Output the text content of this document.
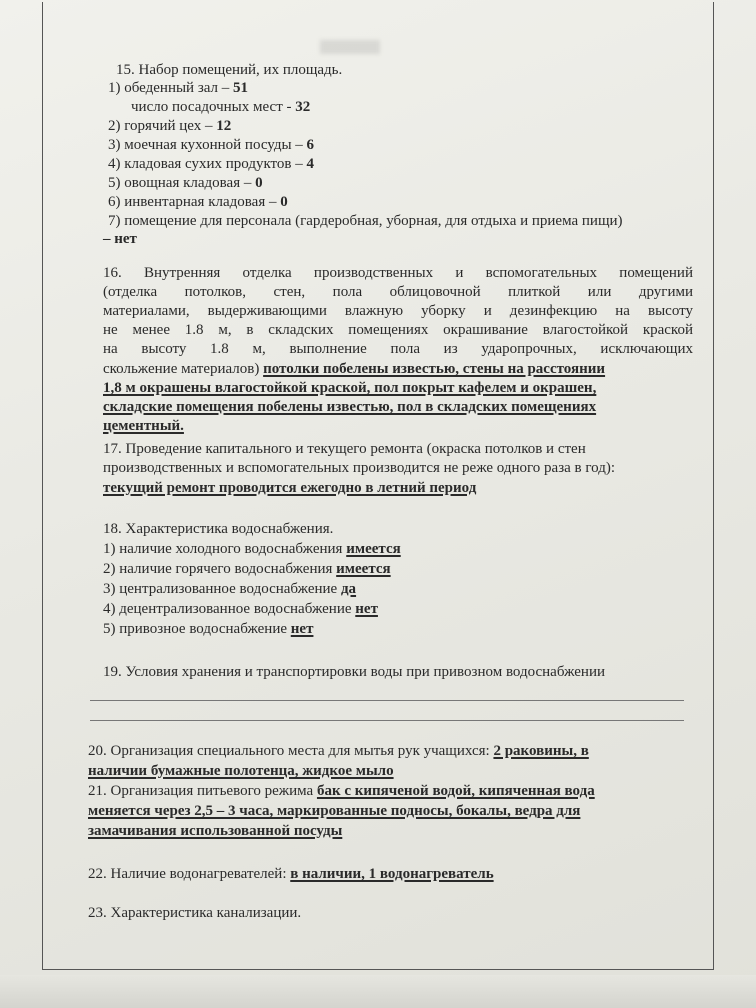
15. Набор помещений, их площадь.
1) обеденный зал – 51
число посадочных мест - 32
2) горячий цех – 12
3) моечная кухонной посуды – 6
4) кладовая сухих продуктов – 4
5) овощная кладовая – 0
6) инвентарная кладовая – 0
7) помещение для персонала (гардеробная, уборная, для отдыха и приема пищи)
– нет
16. Внутренняя отделка производственных и вспомогательных помещений
(отделка потолков, стен, пола облицовочной плиткой или другими
материалами, выдерживающими влажную уборку и дезинфекцию на высоту
не менее 1.8 м, в складских помещениях окрашивание влагостойкой краской
на высоту 1.8 м, выполнение пола из ударопрочных, исключающих
скольжение материалов) потолки побелены известью, стены на расстоянии
1,8 м окрашены влагостойкой краской, пол покрыт кафелем и окрашен,
складские помещения побелены известью, пол в складских помещениях
цементный.
17. Проведение капитального и текущего ремонта (окраска потолков и стен
производственных и вспомогательных производится не реже одного раза в год):
текущий ремонт проводится ежегодно в летний период
18. Характеристика водоснабжения.
1) наличие холодного водоснабжения имеется
2) наличие горячего водоснабжения имеется
3) централизованное водоснабжение да
4) децентрализованное водоснабжение нет
5) привозное водоснабжение нет
19. Условия хранения и транспортировки воды при привозном водоснабжении
20. Организация специального места для мытья рук учащихся: 2 раковины, в
наличии бумажные полотенца, жидкое мыло
21. Организация питьевого режима бак с кипяченой водой, кипяченная вода
меняется через 2,5 – 3 часа, маркированные подносы, бокалы, ведра для
замачивания использованной посуды
22. Наличие водонагревателей: в наличии, 1 водонагреватель
23. Характеристика канализации.
